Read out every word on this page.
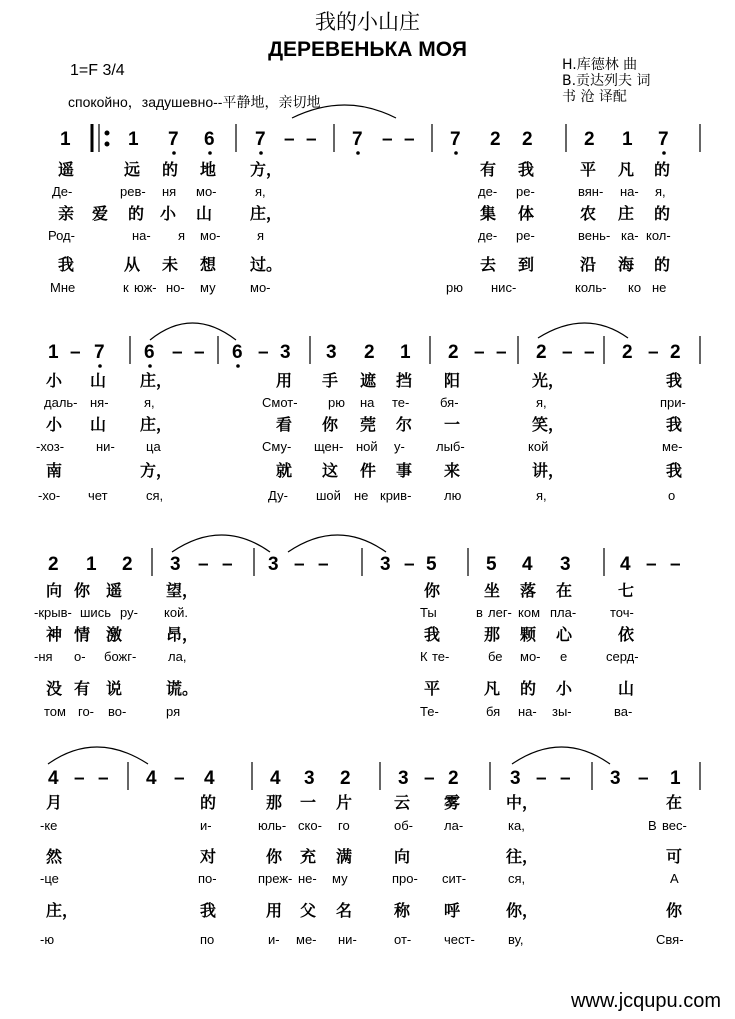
我的小山庄
ДЕРЕВЕНЬКА МОЯ
1=F 3/4	H.库德林 曲
B.贡达列夫 词
书 沧 译配
спокойно，задушевно--平静地，亲切地
1	1 7 6 7 – – 7 – – 7 2 2	2 1 7
遥	远 的 地 方，	有 我	平 凡 的
Де-	рев- ня мо-	я,	де- ре-	вян- на- я,
亲 爱 的 小 山 庄，	集 体	农 庄 的
Род-	на- я мо-	я	де- ре-	вень- ка- кол-
我	从 未 想 过。	去 到	沿 海 的
Мне	к юж- но- му	мо-	рю нис-	коль- ко не
1 – 7 6 – – 6 – 3 3 2 1 2 – – 2 – – 2 – 2
小 山 庄，	用 手 遮 挡 阳	光，	我
даль- ня-	я,	Смот- рю на те- бя-	я,	при-
小 山 庄，	看 你 莞 尔 一	笑，	我
-хоз- ни- ца	Сму- щен- ной у- лыб-	кой	ме-
南	方，	就 这 件 事 来	讲，	我
-хо- чет	ся,	Ду- шой не крив-	лю	я,	о
2 1 2 3 – – 3 – –	3 – 5	5 4 3	4 – –
向 你 遥	望，	你	坐 落 在	七
-крыв- шись ру- кой.	Ты	в лег- ком пла-	точ-
神 情 激	昂，	我	那 颗 心	依
-ня о- божг- ла,	К те-	бе мо- е	серд-
没 有 说	谎。	平	凡 的 小	山
том го- во-	ря	Те-	бя на- зы-	ва-
4 – – 4 – 4	4 3 2 3 – 2	3 – – 3 – 1
月	的	那 一 片	云 雾	中，	在
-ке	и-	юль- ско- го	об- ла-	ка,	В вес-
然	对	你 充 满	向	往，	可
-це	по-	преж- не- му	про- сит-	ся,	А
庄，	我	用 父 名	称 呼	你，	你
-ю	по	и- ме- ни-	от-	чест-	ву,	Свя-
www.jcqupu.com
